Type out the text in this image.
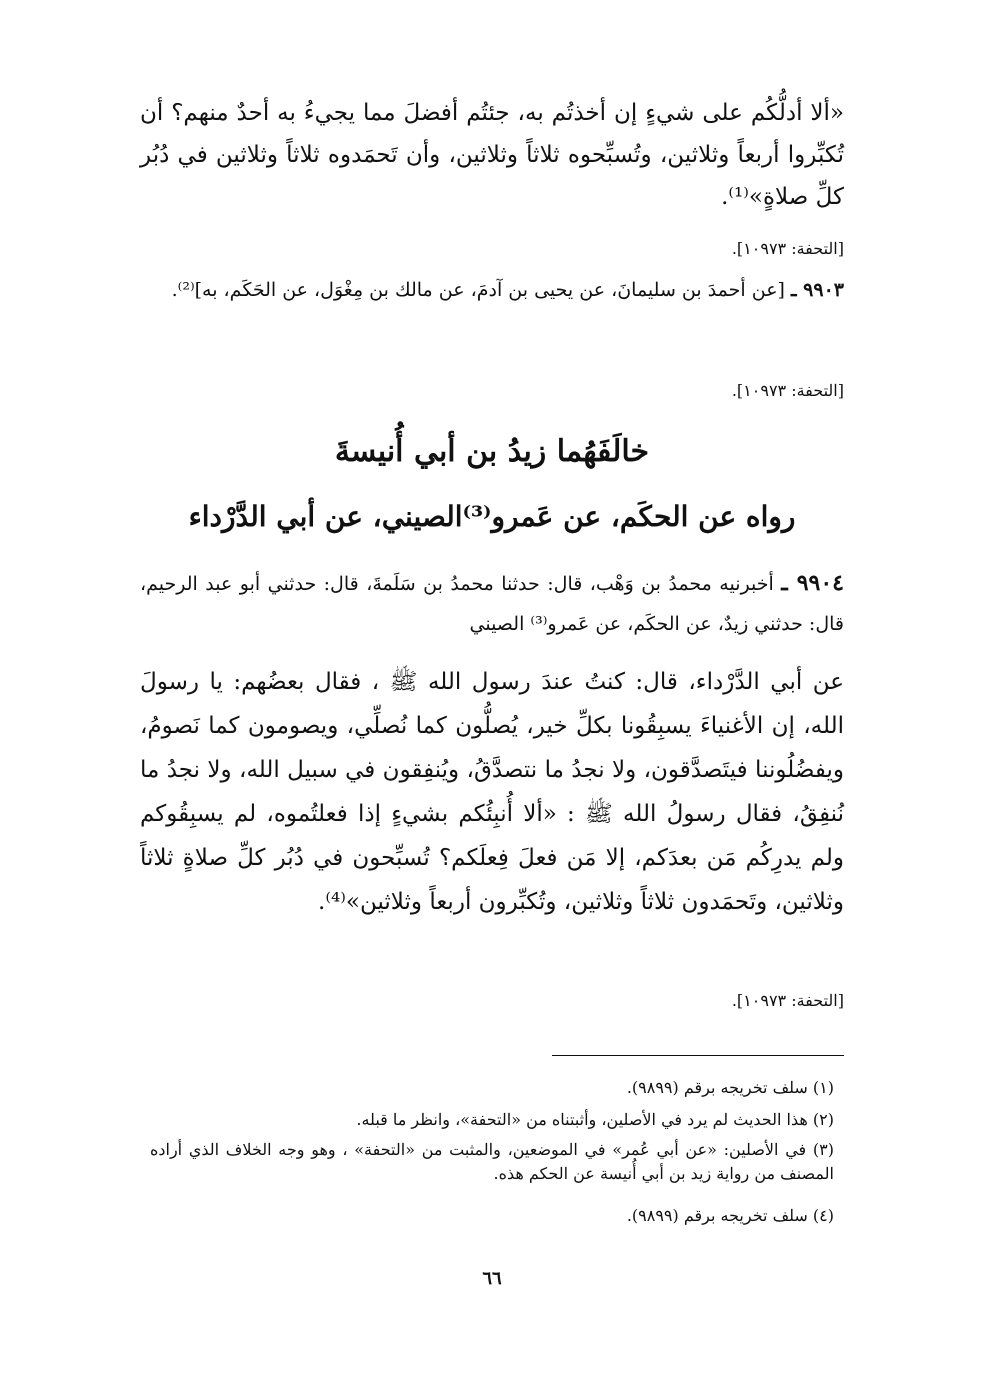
«ألا أدلُّكُم على شيءٍ إن أخذتُم به، جئتُم أفضلَ مما يجيءُ به أحدٌ منهم؟ أن تُكبِّروا أربعاً وثلاثين، وتُسبِّحوه ثلاثاً وثلاثين، وأن تَحمَدوه ثلاثاً وثلاثين في دُبُر كلِّ صلاةٍ»⁽¹⁾.

[التحفة: ١٠٩٧٣].

٩٩٠٣ ـ [عن أحمدَ بن سليمانَ، عن يحيى بن آدمَ، عن مالك بن مِغْوَل، عن الحَكَم، به]⁽²⁾.

[التحفة: ١٠٩٧٣].
خالَفَهُما زيدُ بن أبي أُنيسةَ
رواه عن الحكَم، عن عَمرو⁽³⁾الصيني، عن أبي الدَّرْداء

٩٩٠٤ ـ أخبرنيه محمدُ بن وَهْب، قال: حدثنا محمدُ بن سَلَمةَ، قال: حدثني أبو عبد الرحيم، قال: حدثني زيدٌ، عن الحكَم، عن عَمرو⁽³⁾ الصيني

عن أبي الدَّرْداء، قال: كنتُ عندَ رسول الله ﷺ ، فقال بعضُهم: يا رسولَ الله، إن الأغنياءَ يسبِقُونا بكلِّ خير، يُصلُّون كما نُصلِّي، ويصومون كما نَصومُ، ويفضُلُوننا فيتَصدَّقون، ولا نجدُ ما نتصدَّقُ، ويُنفِقون في سبيل الله، ولا نجدُ ما نُنفِقُ، فقال رسولُ الله ﷺ : «ألا أُنبِئُكم بشيءٍ إذا فعلتُموه، لم يسبِقُوكم ولم يدرِكُم مَن بعدَكم، إلا مَن فعلَ فِعلَكم؟ تُسبِّحون في دُبُر كلِّ صلاةٍ ثلاثاً وثلاثين، وتَحمَدون ثلاثاً وثلاثين، وتُكبِّرون أربعاً وثلاثين»⁽⁴⁾.

[التحفة: ١٠٩٧٣].
(١) سلف تخريجه برقم (٩٨٩٩).
(٢) هذا الحديث لم يرد في الأصلين، وأثبتناه من «التحفة»، وانظر ما قبله.
(٣) في الأصلين: «عن أبي عُمر» في الموضعين، والمثبت من «التحفة» ، وهو وجه الخلاف الذي أراده المصنف من رواية زيد بن أبي أُنيسة عن الحكم هذه.
(٤) سلف تخريجه برقم (٩٨٩٩).
٦٦
